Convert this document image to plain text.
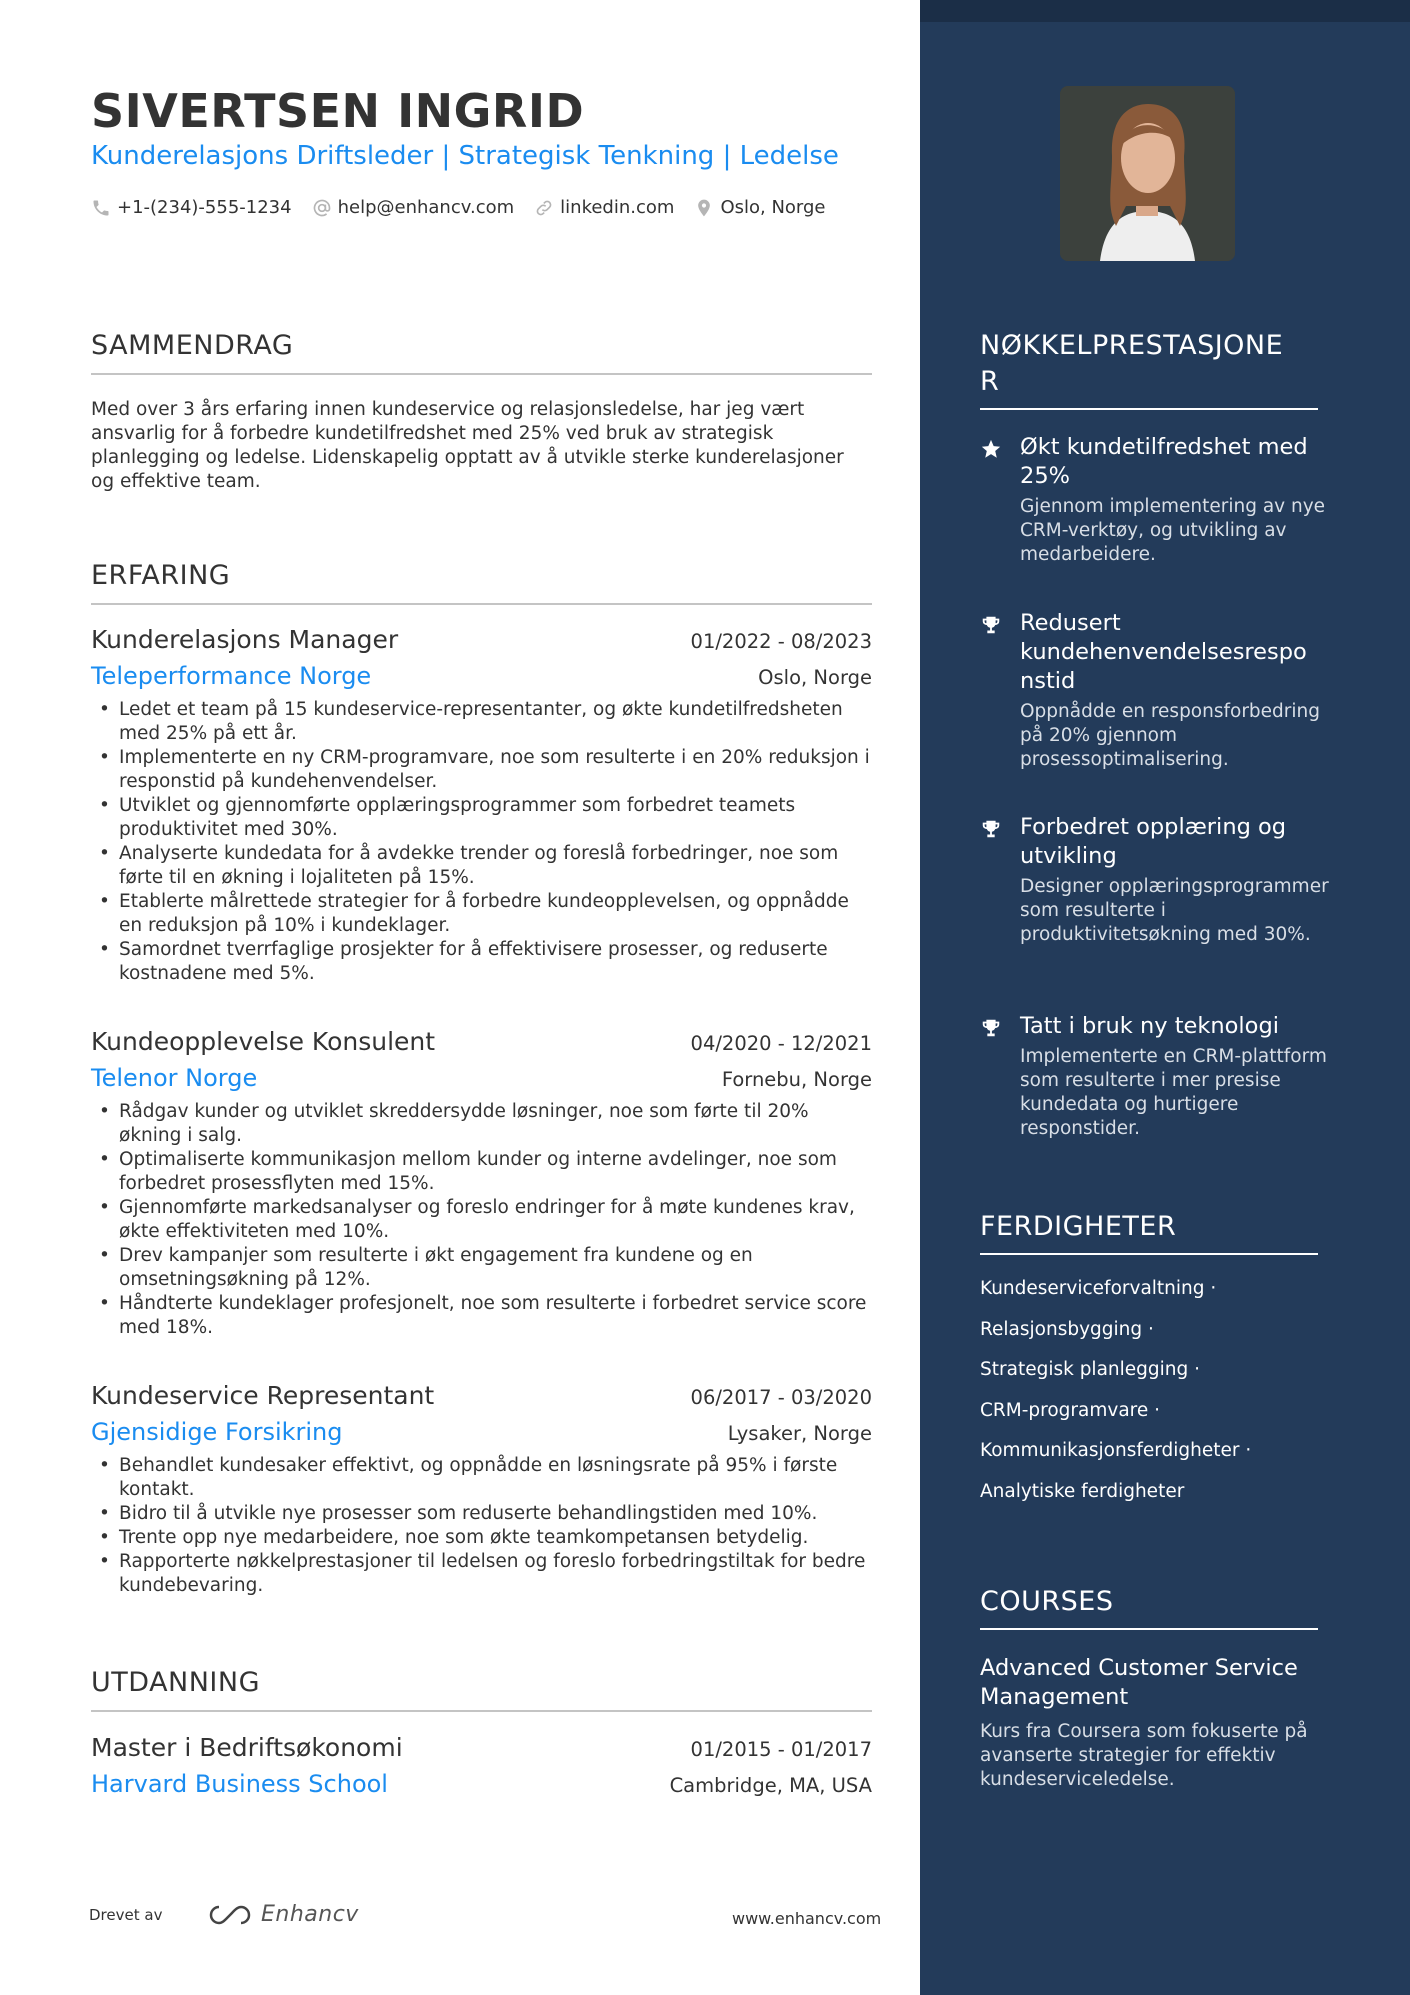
SIVERTSEN INGRID
Kunderelasjons Driftsleder | Strategisk Tenkning | Ledelse
+1-(234)-555-1234	help@enhancv.com	linkedin.com	Oslo, Norge
SAMMENDRAG
Med over 3 års erfaring innen kundeservice og relasjonsledelse, har jeg vært ansvarlig for å forbedre kundetilfredshet med 25% ved bruk av strategisk planlegging og ledelse. Lidenskapelig opptatt av å utvikle sterke kunderelasjoner og effektive team.
ERFARING
Kunderelasjons Manager	01/2022 - 08/2023
Teleperformance Norge	Oslo, Norge
• Ledet et team på 15 kundeservice-representanter, og økte kundetilfredsheten med 25% på ett år.
• Implementerte en ny CRM-programvare, noe som resulterte i en 20% reduksjon i responstid på kundehenvendelser.
• Utviklet og gjennomførte opplæringsprogrammer som forbedret teamets produktivitet med 30%.
• Analyserte kundedata for å avdekke trender og foreslå forbedringer, noe som førte til en økning i lojaliteten på 15%.
• Etablerte målrettede strategier for å forbedre kundeopplevelsen, og oppnådde en reduksjon på 10% i kundeklager.
• Samordnet tverrfaglige prosjekter for å effektivisere prosesser, og reduserte kostnadene med 5%.
Kundeopplevelse Konsulent	04/2020 - 12/2021
Telenor Norge	Fornebu, Norge
• Rådgav kunder og utviklet skreddersydde løsninger, noe som førte til 20% økning i salg.
• Optimaliserte kommunikasjon mellom kunder og interne avdelinger, noe som forbedret prosessflyten med 15%.
• Gjennomførte markedsanalyser og foreslo endringer for å møte kundenes krav, økte effektiviteten med 10%.
• Drev kampanjer som resulterte i økt engagement fra kundene og en omsetningsøkning på 12%.
• Håndterte kundeklager profesjonelt, noe som resulterte i forbedret service score med 18%.
Kundeservice Representant	06/2017 - 03/2020
Gjensidige Forsikring	Lysaker, Norge
• Behandlet kundesaker effektivt, og oppnådde en løsningsrate på 95% i første kontakt.
• Bidro til å utvikle nye prosesser som reduserte behandlingstiden med 10%.
• Trente opp nye medarbeidere, noe som økte teamkompetansen betydelig.
• Rapporterte nøkkelprestasjoner til ledelsen og foreslo forbedringstiltak for bedre kundebevaring.
UTDANNING
Master i Bedriftsøkonomi	01/2015 - 01/2017
Harvard Business School	Cambridge, MA, USA
Drevet av	Enhancv	www.enhancv.com
NØKKELPRESTASJONE
R
Økt kundetilfredshet med 25%
Gjennom implementering av nye CRM-verktøy, og utvikling av medarbeidere.
Redusert kundehenvendelsesrespo nstid
Oppnådde en responsforbedring på 20% gjennom prosessoptimalisering.
Forbedret opplæring og utvikling
Designer opplæringsprogrammer som resulterte i produktivitetsøkning med 30%.
Tatt i bruk ny teknologi
Implementerte en CRM-plattform som resulterte i mer presise kundedata og hurtigere responstider.
FERDIGHETER
Kundeserviceforvaltning ·
Relasjonsbygging ·
Strategisk planlegging ·
CRM-programvare ·
Kommunikasjonsferdigheter ·
Analytiske ferdigheter
COURSES
Advanced Customer Service Management
Kurs fra Coursera som fokuserte på avanserte strategier for effektiv kundeserviceledelse.
